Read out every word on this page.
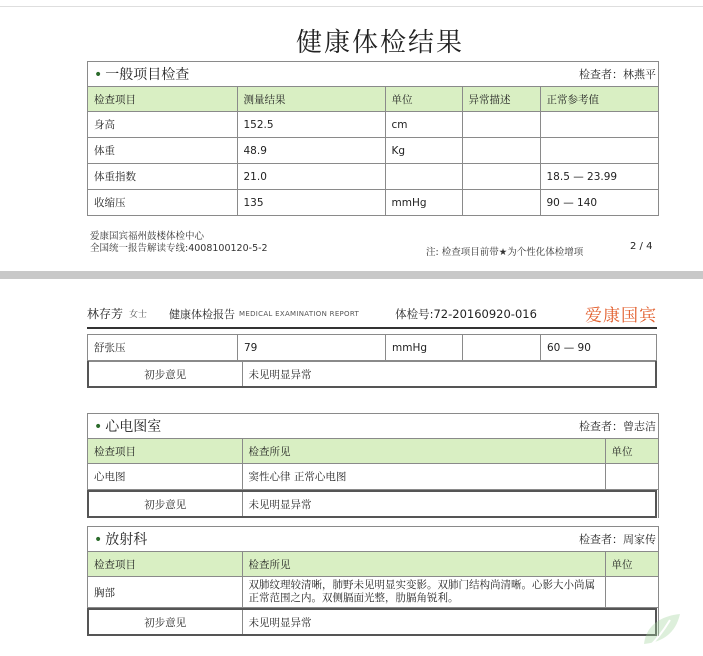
健康体检结果
• 一般项目检查	检查者：林燕平
检查项目	测量结果	单位	异常描述	正常参考值
身高	152.5	cm		
体重	48.9	Kg		
体重指数	21.0			18.5 — 23.99
收缩压	135	mmHg		90 — 140
爱康国宾福州鼓楼体检中心
全国统一报告解读专线:4008100120-5-2	注: 检查项目前带★为个性化体检增项
2 / 4
林存芳 女士 健康体检报告 MEDICAL EXAMINATION REPORT	体检号:72-20160920-016	爱康国宾
舒张压	79	mmHg		60 — 90
初步意见	未见明显异常
• 心电图室	检查者：曾志洁
检查项目	检查所见	单位
心电图	窦性心律 正常心电图	
初步意见	未见明显异常
• 放射科	检查者：周家传
检查项目	检查所见	单位
胸部	双肺纹理较清晰，肺野未见明显实变影。双肺门结构尚清晰。心影大小尚属正常范围之内。双侧膈面光整，肋膈角锐利。	
初步意见	未见明显异常
